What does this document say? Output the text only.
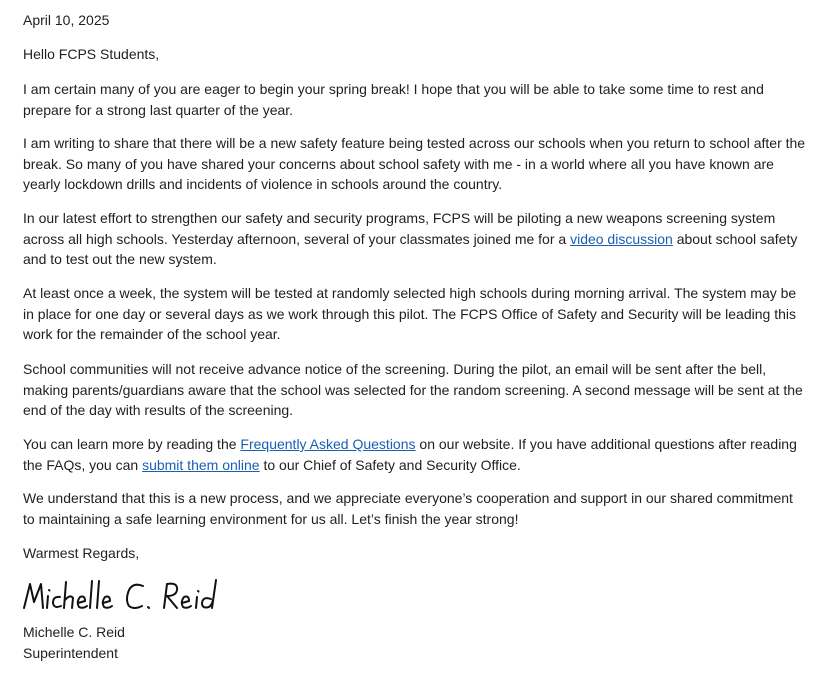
April 10, 2025

Hello FCPS Students,

I am certain many of you are eager to begin your spring break! I hope that you will be able to take some time to rest and prepare for a strong last quarter of the year.

I am writing to share that there will be a new safety feature being tested across our schools when you return to school after the break. So many of you have shared your concerns about school safety with me - in a world where all you have known are yearly lockdown drills and incidents of violence in schools around the country.

In our latest effort to strengthen our safety and security programs, FCPS will be piloting a new weapons screening system across all high schools. Yesterday afternoon, several of your classmates joined me for a video discussion about school safety and to test out the new system.

At least once a week, the system will be tested at randomly selected high schools during morning arrival. The system may be in place for one day or several days as we work through this pilot. The FCPS Office of Safety and Security will be leading this work for the remainder of the school year.

School communities will not receive advance notice of the screening. During the pilot, an email will be sent after the bell, making parents/guardians aware that the school was selected for the random screening. A second message will be sent at the end of the day with results of the screening.

You can learn more by reading the Frequently Asked Questions on our website. If you have additional questions after reading the FAQs, you can submit them online to our Chief of Safety and Security Office.

We understand that this is a new process, and we appreciate everyone’s cooperation and support in our shared commitment to maintaining a safe learning environment for us all. Let’s finish the year strong!

Warmest Regards,

Michelle C. Reid

Superintendent
